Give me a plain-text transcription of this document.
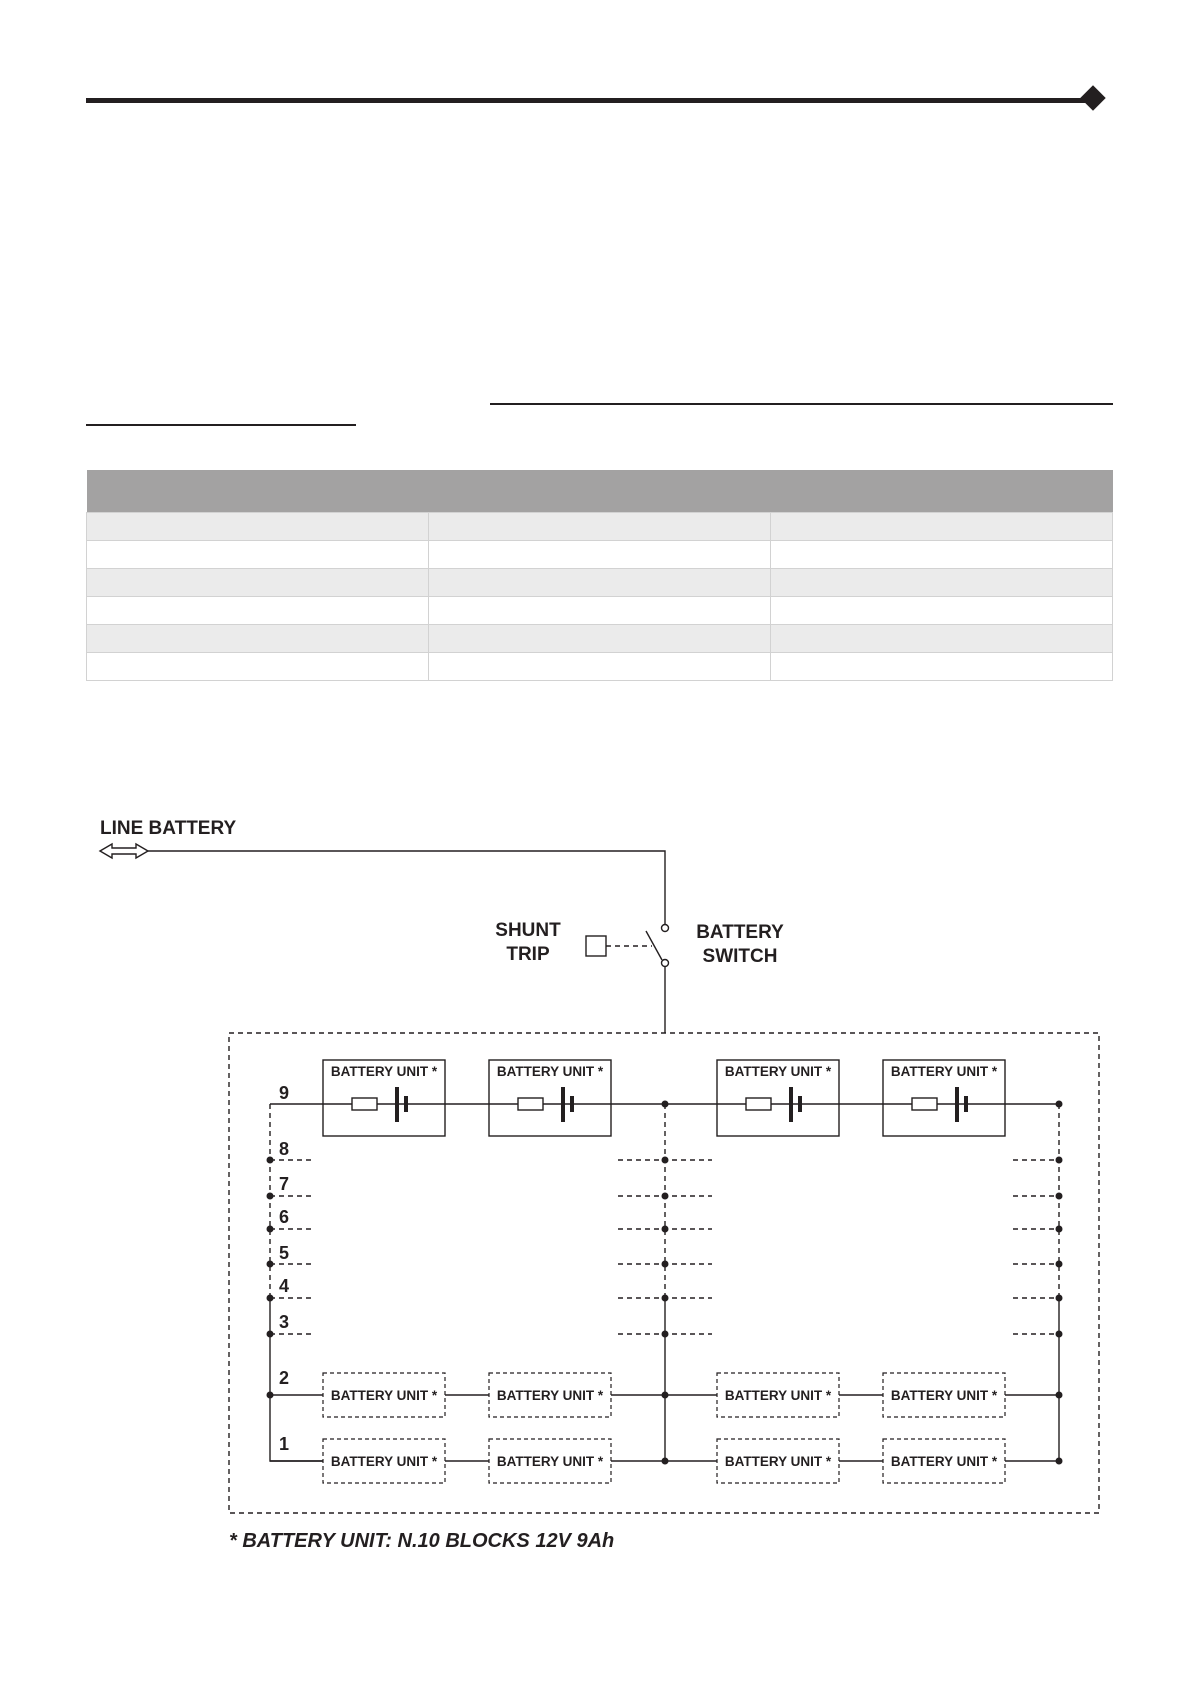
BATTERY UNIT *	BATTERY UNIT *	BATTERY UNIT *	BATTERY UNIT *
BATTERY UNIT *	BATTERY UNIT *	BATTERY UNIT *	BATTERY UNIT *
BATTERY UNIT *	BATTERY UNIT *	BATTERY UNIT *	BATTERY UNIT *
LINE BATTERY
SHUNT
TRIP
BATTERY
SWITCH
9
8
7
6
5
4
3
2
1
* BATTERY UNIT: N.10 BLOCKS 12V 9Ah
